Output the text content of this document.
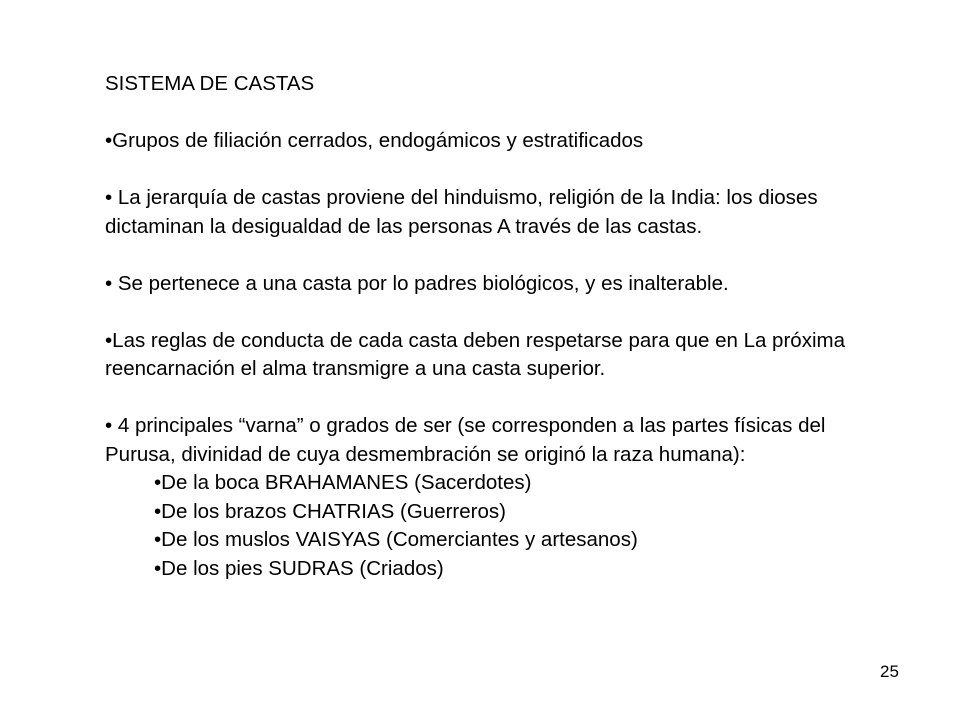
SISTEMA DE CASTAS

•Grupos de filiación cerrados, endogámicos y estratificados

• La jerarquía de castas proviene del hinduismo, religión de la India: los dioses dictaminan la desigualdad de las personas A través de las castas.

• Se pertenece a una casta por lo padres biológicos, y es inalterable.

•Las reglas de conducta de cada casta deben respetarse para que en La próxima reencarnación el alma transmigre a una casta superior.

• 4 principales “varna” o grados de ser (se corresponden a las partes físicas del Purusa, divinidad de cuya desmembración se originó la raza humana):

•De la boca BRAHAMANES (Sacerdotes)
•De los brazos CHATRIAS (Guerreros)
•De los muslos VAISYAS (Comerciantes y artesanos)
•De los pies SUDRAS (Criados)
25
